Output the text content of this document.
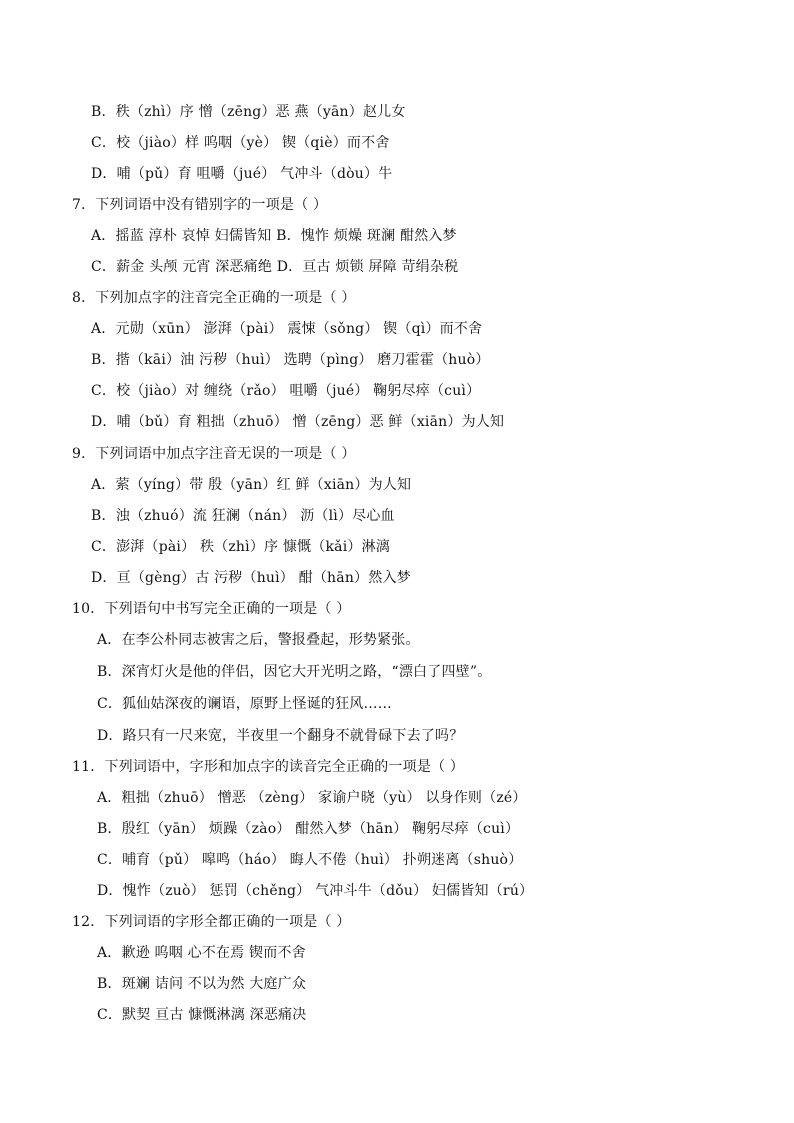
B．秩（zhì）序 憎（zēng）恶 燕（yān）赵儿女
C．校（jiào）样 呜咽（yè） 锲（qiè）而不舍
D．哺（pǔ）育 咀嚼（jué） 气冲斗（dòu）牛
7．下列词语中没有错别字的一项是（ ）
A．摇蓝 淳朴 哀悼 妇儒皆知 B．愧怍 烦燥 斑澜 酣然入梦
C．薪金 头颅 元宵 深恶痛绝 D．亘古 烦锁 屏障 苛绢杂税
8．下列加点字的注音完全正确的一项是（ ）
A．元勋（xūn） 澎湃（pài） 震悚（sǒng） 锲（qì）而不舍
B．揩（kāi）油 污秽（huì） 选聘（pìng） 磨刀霍霍（huò）
C．校（jiào）对 缠绕（rǎo） 咀嚼（jué） 鞠躬尽瘁（cuì）
D．哺（bǔ）育 粗拙（zhuō） 憎（zēng）恶 鲜（xiān）为人知
9．下列词语中加点字注音无误的一项是（ ）
A．萦（yíng）带 殷（yān）红 鲜（xiān）为人知
B．浊（zhuó）流 狂澜（nán） 沥（lì）尽心血
C．澎湃（pài） 秩（zhì）序 慷慨（kǎi）淋漓
D．亘（gèng）古 污秽（huì） 酣（hān）然入梦
10．下列语句中书写完全正确的一项是（ ）
A．在李公朴同志被害之后，警报叠起，形势紧张。
B．深宵灯火是他的伴侣，因它大开光明之路，“漂白了四壁”。
C．狐仙姑深夜的谰语，原野上怪诞的狂风……
D．路只有一尺来宽，半夜里一个翻身不就骨碌下去了吗？
11．下列词语中，字形和加点字的读音完全正确的一项是（ ）
A．粗拙（zhuō） 憎恶 （zèng） 家谕户晓（yù） 以身作则（zé）
B．殷红（yān） 烦躁（zào） 酣然入梦（hān） 鞠躬尽瘁（cuì）
C．哺育（pǔ） 嗥鸣（háo） 晦人不倦（huì） 扑朔迷离（shuò）
D．愧怍（zuò） 惩罚（chěng） 气冲斗牛（dǒu） 妇儒皆知（rú）
12．下列词语的字形全都正确的一项是（ ）
A．歉逊 呜咽 心不在焉 锲而不舍
B．斑斓 诘问 不以为然 大庭广众
C．默契 亘古 慷慨淋漓 深恶痛决
